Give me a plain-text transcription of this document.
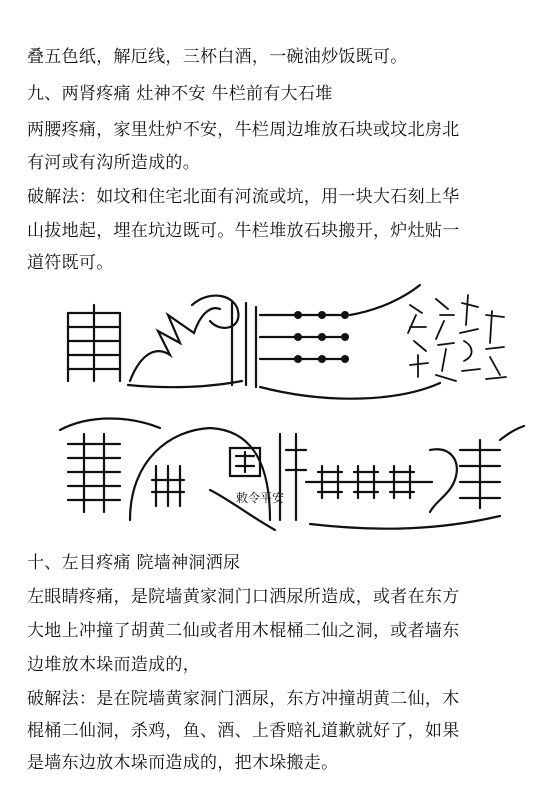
叠五色纸，解厄线，三杯白酒，一碗油炒饭既可。
九、两肾疼痛 灶神不安 牛栏前有大石堆
两腰疼痛，家里灶炉不安，牛栏周边堆放石块或坟北房北
有河或有沟所造成的。
破解法：如坟和住宅北面有河流或坑，用一块大石刻上华
山拔地起，埋在坑边既可。牛栏堆放石块搬开，炉灶贴一
道符既可。
敕令平安
十、左目疼痛 院墙神洞洒尿
左眼睛疼痛，是院墙黄家洞门口洒尿所造成，或者在东方
大地上冲撞了胡黄二仙或者用木棍桶二仙之洞，或者墙东
边堆放木垛而造成的，
破解法：是在院墙黄家洞门洒尿，东方冲撞胡黄二仙，木
棍桶二仙洞，杀鸡，鱼、酒、上香赔礼道歉就好了，如果
是墙东边放木垛而造成的，把木垛搬走。
